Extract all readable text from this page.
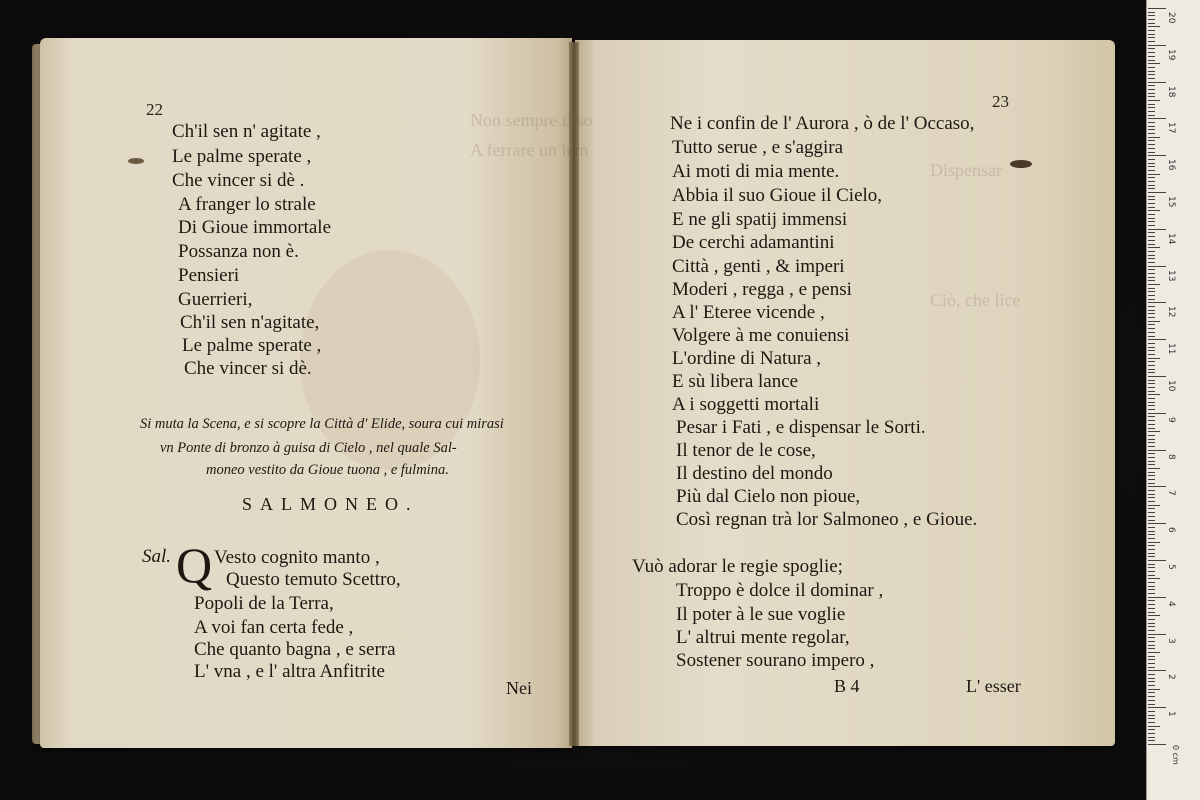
Non sempre il so
A ferrare un lem
Dispensar
Ciò, che lice
22
Ch'il sen n' agitate ,
Le palme sperate ,
Che vincer si dè .
A franger lo strale
Di Gioue immortale
Possanza non è.
Pensieri
Guerrieri,
Ch'il sen n'agitate,
Le palme sperate ,
Che vincer si dè.
Si muta la Scena, e si scopre la Città d' Elide, soura cui mirasi
vn Ponte di bronzo à guisa di Cielo , nel quale Sal-
moneo vestito da Gioue tuona , e fulmina.
SALMONEO.
Sal. Q Vesto cognito manto ,
Questo temuto Scettro,
Popoli de la Terra,
A voi fan certa fede ,
Che quanto bagna , e serra
L' vna , e l' altra Anfitrite
Nei
23
Ne i confin de l' Aurora , ò de l' Occaso,
Tutto serue , e s'aggira
Ai moti di mia mente.
Abbia il suo Gioue il Cielo,
E ne gli spatij immensi
De cerchi adamantini
Città , genti , & imperi
Moderi , regga , e pensi
A l' Eteree vicende ,
Volgere à me conuiensi
L'ordine di Natura ,
E sù libera lance
A i soggetti mortali
Pesar i Fati , e dispensar le Sorti.
Il tenor de le cose,
Il destino del mondo
Più dal Cielo non pioue,
Così regnan trà lor Salmoneo , e Gioue.
Vuò adorar le regie spoglie;
Troppo è dolce il dominar ,
Il poter à le sue voglie
L' altrui mente regolar,
Sostener sourano impero ,
B 4	L' esser
20
19
18
17
16
15
14
13
12
11
10
9
8
7
6
5
4
3
2
1
0 cm
